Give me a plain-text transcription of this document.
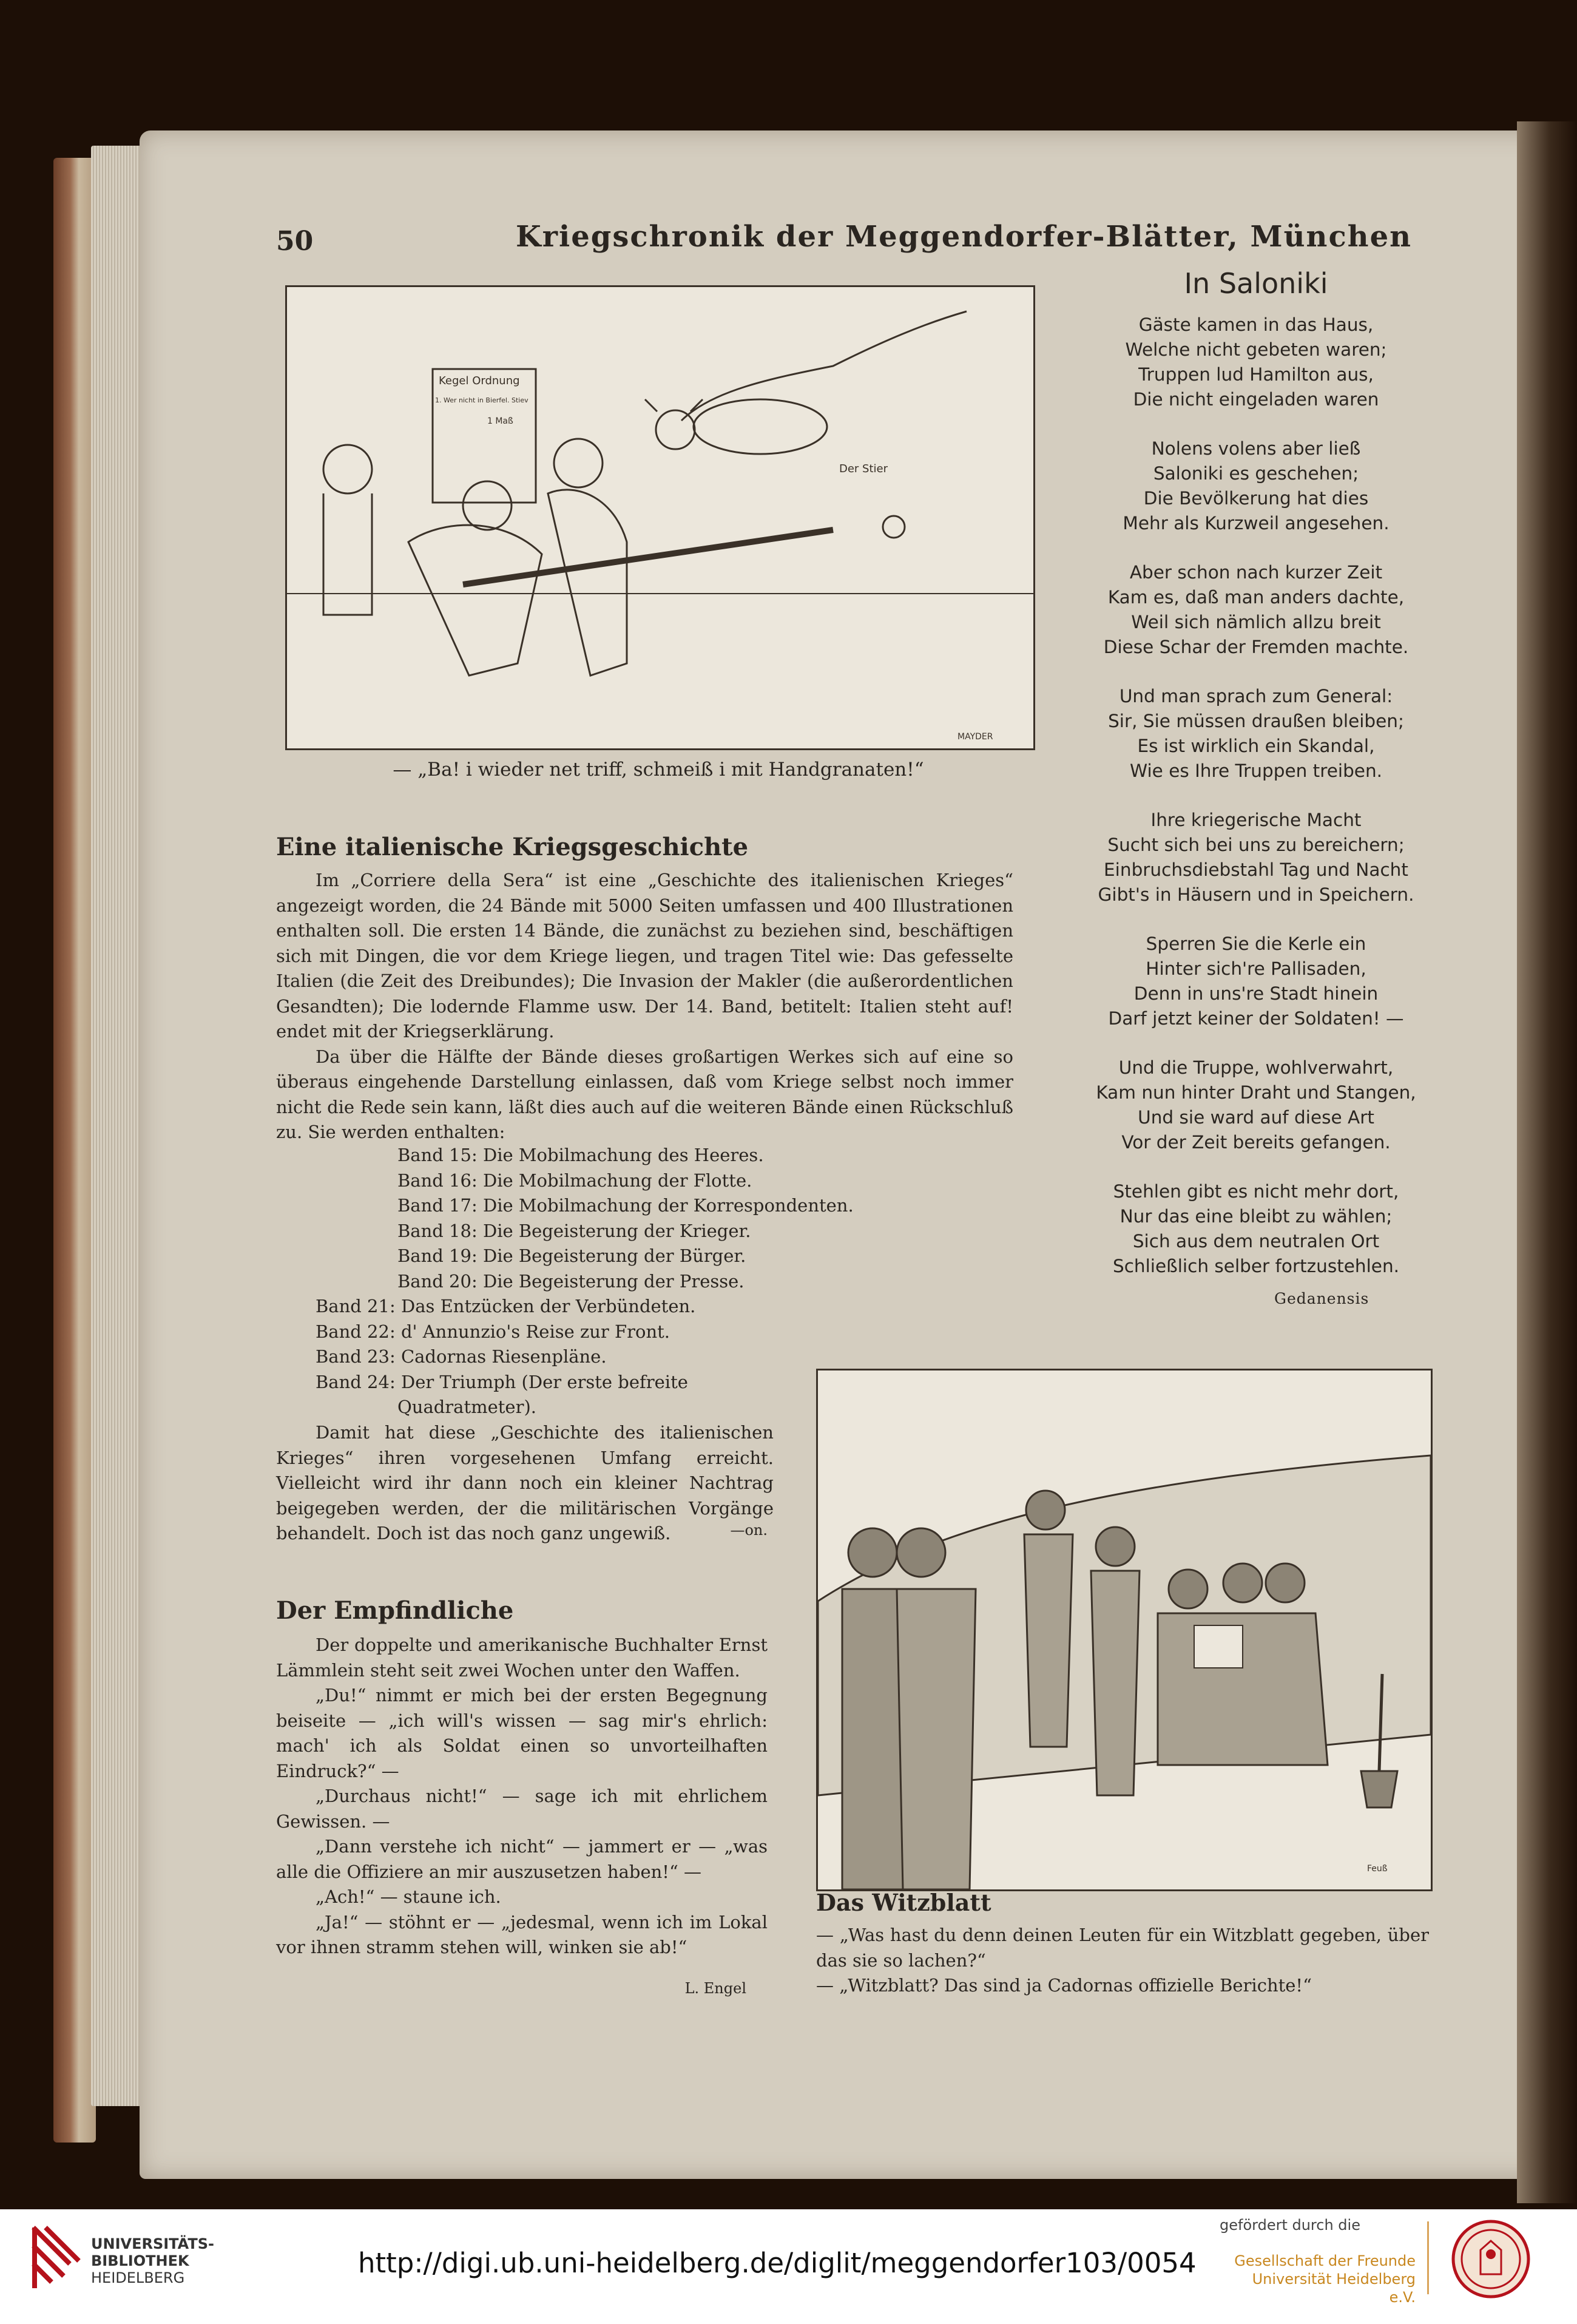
50	Kriegschronik der Meggendorfer-Blätter, München
Kegel Ordnung
1. Wer nicht in Bierfel. Stiev
1 Maß
Der Stier
MAYDER
— „Ba! i wieder net triff, schmeiß i mit Handgranaten!“
In Saloniki
Gäste kamen in das Haus,
Welche nicht gebeten waren;
Truppen lud Hamilton aus,
Die nicht eingeladen waren
Nolens volens aber ließ
Saloniki es geschehen;
Die Bevölkerung hat dies
Mehr als Kurzweil angesehen.
Aber schon nach kurzer Zeit
Kam es, daß man anders dachte,
Weil sich nämlich allzu breit
Diese Schar der Fremden machte.
Und man sprach zum General:
Sir, Sie müssen draußen bleiben;
Es ist wirklich ein Skandal,
Wie es Ihre Truppen treiben.
Ihre kriegerische Macht
Sucht sich bei uns zu bereichern;
Einbruchsdiebstahl Tag und Nacht
Gibt's in Häusern und in Speichern.
Sperren Sie die Kerle ein
Hinter sich're Pallisaden,
Denn in uns're Stadt hinein
Darf jetzt keiner der Soldaten! —
Und die Truppe, wohlverwahrt,
Kam nun hinter Draht und Stangen,
Und sie ward auf diese Art
Vor der Zeit bereits gefangen.
Stehlen gibt es nicht mehr dort,
Nur das eine bleibt zu wählen;
Sich aus dem neutralen Ort
Schließlich selber fortzustehlen.
Gedanensis
Eine italienische Kriegsgeschichte

Im „Corriere della Sera“ ist eine „Geschichte des italienischen Krieges“ angezeigt worden, die 24 Bände mit 5000 Seiten umfassen und 400 Illustrationen enthalten soll. Die ersten 14 Bände, die zunächst zu beziehen sind, beschäftigen sich mit Dingen, die vor dem Kriege liegen, und tragen Titel wie: Das gefesselte Italien (die Zeit des Dreibundes); Die Invasion der Makler (die außerordentlichen Gesandten); Die lodernde Flamme usw. Der 14. Band, betitelt: Italien steht auf! endet mit der Kriegserklärung.

Da über die Hälfte der Bände dieses großartigen Werkes sich auf eine so überaus eingehende Darstellung einlassen, daß vom Kriege selbst noch immer nicht die Rede sein kann, läßt dies auch auf die weiteren Bände einen Rückschluß zu. Sie werden enthalten:

Band 15: Die Mobilmachung des Heeres.
Band 16: Die Mobilmachung der Flotte.
Band 17: Die Mobilmachung der Korrespondenten.
Band 18: Die Begeisterung der Krieger.
Band 19: Die Begeisterung der Bürger.
Band 20: Die Begeisterung der Presse.
Band 21: Das Entzücken der Verbündeten.
Band 22: d' Annunzio's Reise zur Front.
Band 23: Cadornas Riesenpläne.
Band 24: Der Triumph (Der erste befreite
Quadratmeter).

Damit hat diese „Geschichte des italienischen Krieges“ ihren vorgesehenen Umfang erreicht. Vielleicht wird ihr dann noch ein kleiner Nachtrag beigegeben werden, der die militärischen Vorgänge behandelt. Doch ist das noch ganz ungewiß.	—on.
Der Empfindliche

Der doppelte und amerikanische Buchhalter Ernst Lämmlein steht seit zwei Wochen unter den Waffen.

„Du!“ nimmt er mich bei der ersten Begegnung beiseite — „ich will's wissen — sag mir's ehrlich: mach' ich als Soldat einen so unvorteilhaften Eindruck?“ —

„Durchaus nicht!“ — sage ich mit ehrlichem Gewissen. —

„Dann verstehe ich nicht“ — jammert er — „was alle die Offiziere an mir auszusetzen haben!“ —

„Ach!“ — staune ich.

„Ja!“ — stöhnt er — „jedesmal, wenn ich im Lokal vor ihnen stramm stehen will, winken sie ab!“

L. Engel
Feuß
Das Witzblatt

— „Was hast du denn deinen Leuten für ein Witzblatt gegeben, über das sie so lachen?“

— „Witzblatt? Das sind ja Cadornas offizielle Berichte!“

UNIVERSITÄTS-
BIBLIOTHEK
HEIDELBERG	http://digi.ub.uni-heidelberg.de/diglit/meggendorfer103/0054
gefördert durch die
Gesellschaft der Freunde
Universität Heidelberg e.V.
